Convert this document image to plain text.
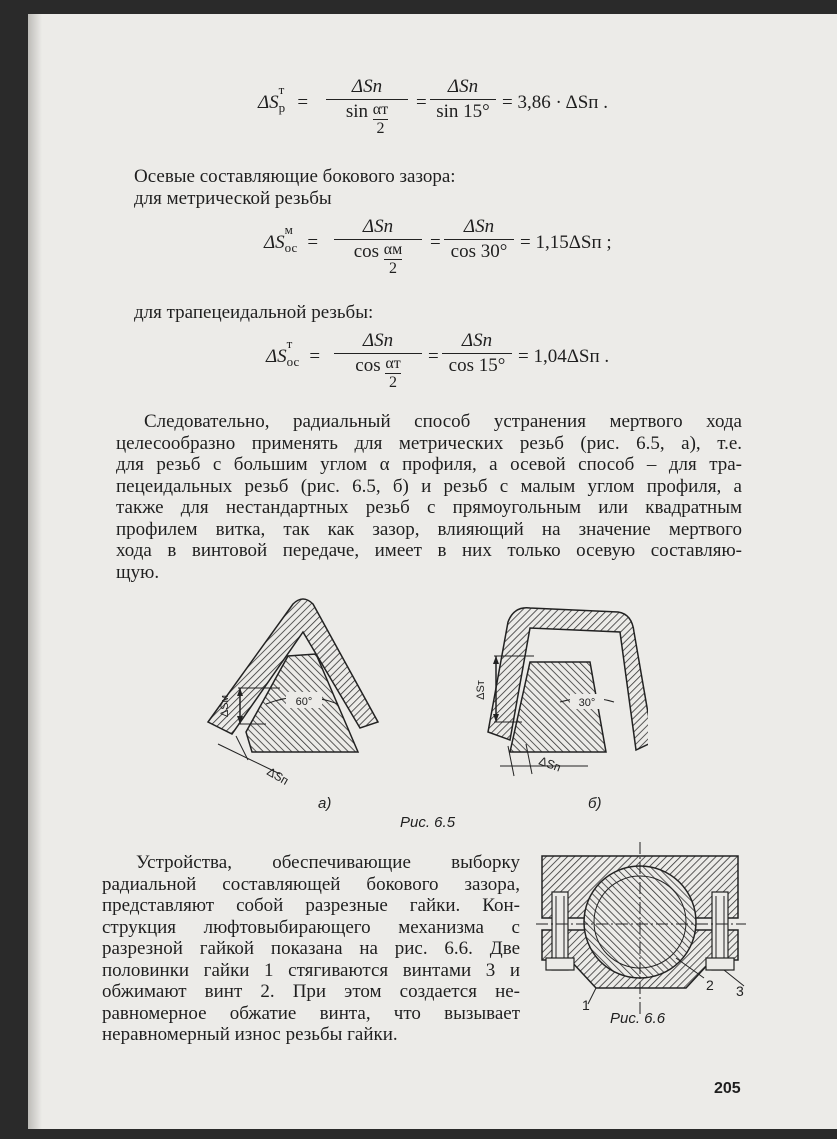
ΔS
т
р =
ΔSп
sin αт
2
=
ΔSп
sin 15° = 3,86 · ΔSп .
Осевые составляющие бокового зазора:
для метрической резьбы
ΔS
м
ос =
ΔSп
cos αм
2
=
ΔSп
cos 30° = 1,15ΔSп ;
для трапецеидальной резьбы:
ΔS
т
ос =
ΔSп
cos αт
2
=
ΔSп
cos 15° = 1,04ΔSп .
Следовательно, радиальный способ устранения мертвого хода
целесообразно применять для метрических резьб (рис. 6.5, а), т.е.
для резьб с большим углом α профиля, а осевой способ – для тра-
пецеидальных резьб (рис. 6.5, б) и резьб с малым углом профиля, а
также для нестандартных резьб с прямоугольным или квадратным
профилем витка, так как зазор, влияющий на значение мертвого
хода в винтовой передаче, имеет в них только осевую составляю-
щую.
60°
ΔSм
ΔSп
а)
30°
ΔSт
ΔSп
б)
Рис. 6.5
Устройства, обеспечивающие выборку
радиальной составляющей бокового зазора,
представляют собой разрезные гайки. Кон-
струкция люфтовыбирающего механизма с
разрезной гайкой показана на рис. 6.6. Две
половинки гайки 1 стягиваются винтами 3 и
обжимают винт 2. При этом создается не-
равномерное обжатие винта, что вызывает
неравномерный износ резьбы гайки.
1
2 3
Рис. 6.6
205
